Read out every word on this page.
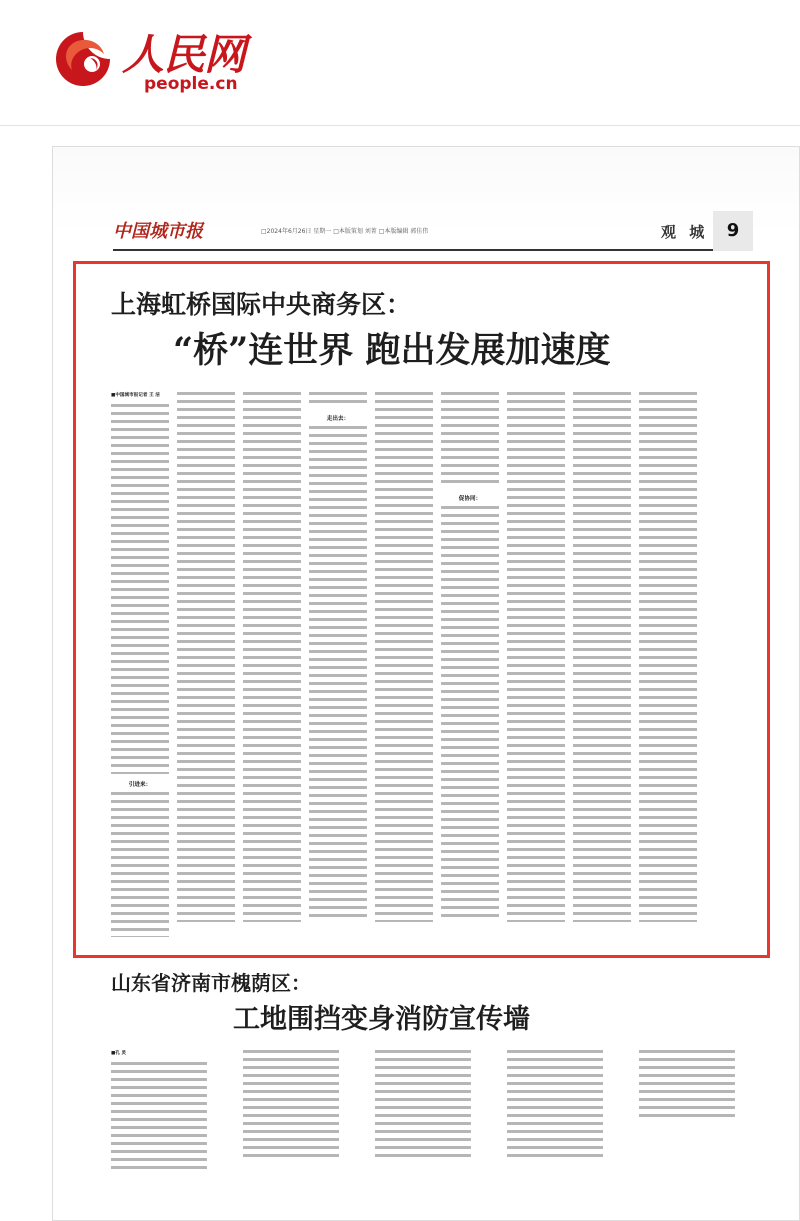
人民网
people.cn
中国城市报	□2024年6月26日 星期一 □本版策划 刘菁 □本版编辑 郭佳伟	观 城	9
上海虹桥国际中央商务区：
“桥”连世界 跑出发展加速度
■中国城市报记者 王 洁
引进来：
走出去：
促协同：
山东省济南市槐荫区：
工地围挡变身消防宣传墙
■孔 灵
